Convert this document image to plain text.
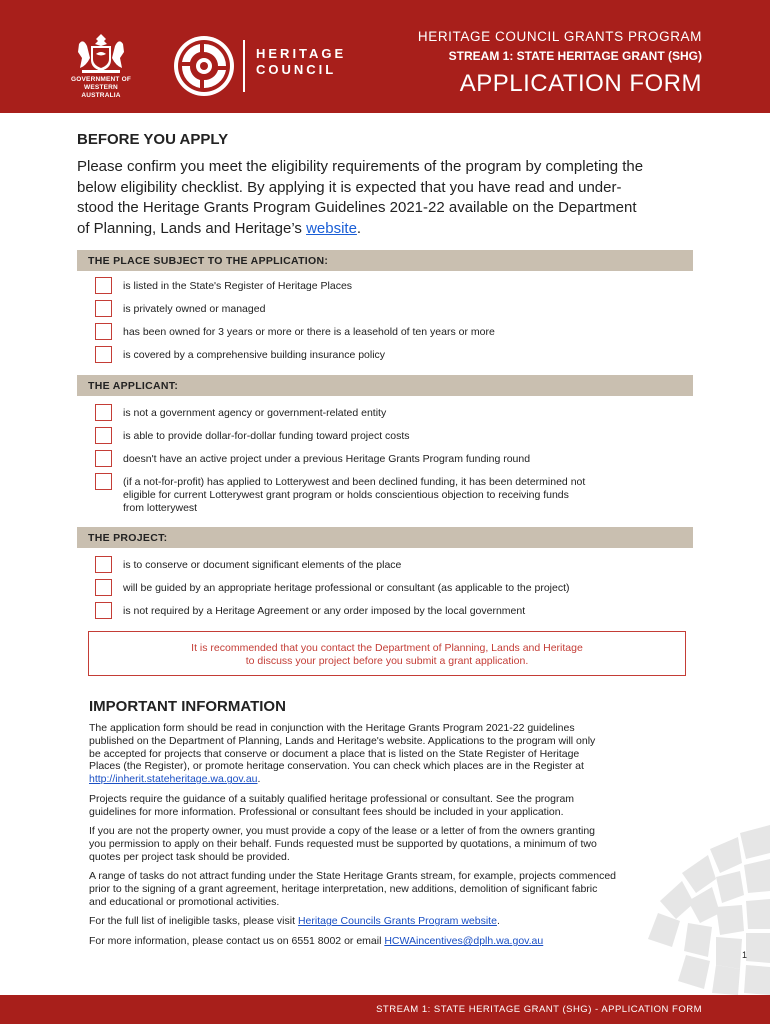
GOVERNMENT OF
WESTERN AUSTRALIA
HERITAGE
COUNCIL
HERITAGE COUNCIL GRANTS PROGRAM
STREAM 1: STATE HERITAGE GRANT (SHG)
APPLICATION FORM
BEFORE YOU APPLY
Please confirm you meet the eligibility requirements of the program by completing the
below eligibility checklist. By applying it is expected that you have read and under-
stood the Heritage Grants Program Guidelines 2021-22 available on the Department
of Planning, Lands and Heritage’s website.
THE PLACE SUBJECT TO THE APPLICATION:
is listed in the State's Register of Heritage Places
is privately owned or managed
has been owned for 3 years or more or there is a leasehold of ten years or more
is covered by a comprehensive building insurance policy
THE APPLICANT:
is not a government agency or government-related entity
is able to provide dollar-for-dollar funding toward project costs
doesn't have an active project under a previous Heritage Grants Program funding round
(if a not-for-profit) has applied to Lotterywest and been declined funding, it has been determined not
eligible for current Lotterywest grant program or holds conscientious objection to receiving funds
from lotterywest
THE PROJECT:
is to conserve or document significant elements of the place
will be guided by an appropriate heritage professional or consultant (as applicable to the project)
is not required by a Heritage Agreement or any order imposed by the local government
It is recommended that you contact the Department of Planning, Lands and Heritage
to discuss your project before you submit a grant application.
IMPORTANT INFORMATION
The application form should be read in conjunction with the Heritage Grants Program 2021-22 guidelines
published on the Department of Planning, Lands and Heritage's website. Applications to the program will only
be accepted for projects that conserve or document a place that is listed on the State Register of Heritage
Places (the Register), or promote heritage conservation. You can check which places are in the Register at
http://inherit.stateheritage.wa.gov.au.
Projects require the guidance of a suitably qualified heritage professional or consultant. See the program
guidelines for more information. Professional or consultant fees should be included in your application.
If you are not the property owner, you must provide a copy of the lease or a letter of from the owners granting
you permission to apply on their behalf. Funds requested must be supported by quotations, a minimum of two
quotes per project task should be provided.
A range of tasks do not attract funding under the State Heritage Grants stream, for example, projects commenced
prior to the signing of a grant agreement, heritage interpretation, new additions, demolition of significant fabric
and educational or promotional activities.
For the full list of ineligible tasks, please visit Heritage Councils Grants Program website.
For more information, please contact us on 6551 8002 or email HCWAincentives@dplh.wa.gov.au
1
STREAM 1: STATE HERITAGE GRANT (SHG) - APPLICATION FORM
